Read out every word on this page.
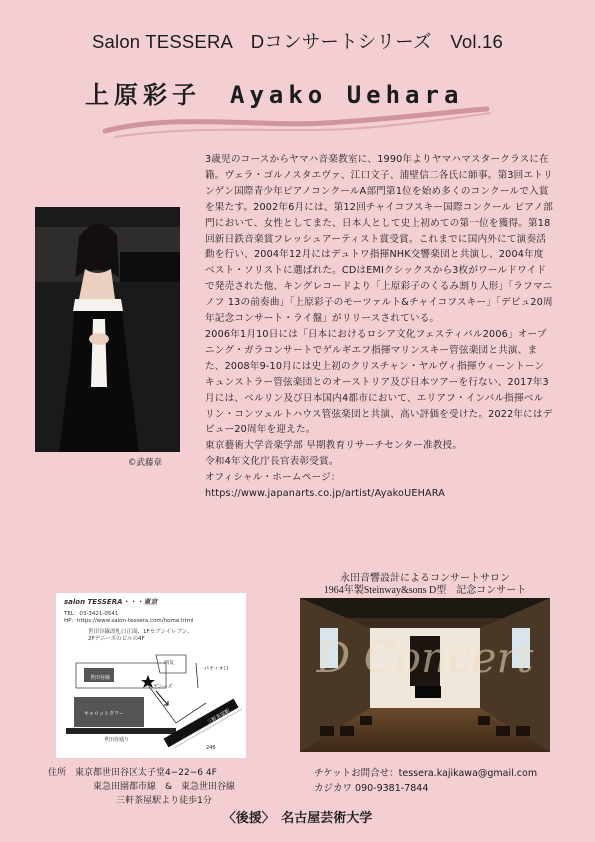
Salon TESSERA　Dコンサートシリーズ　Vol.16
上原彩子　Ayako Uehara
©武藤章

3歳児のコースからヤマハ音楽教室に、1990年よりヤマハマスタークラスに在籍。ヴェラ・ゴルノスタエヴァ、江口文子、浦壁信二各氏に師事。第3回エトリンゲン国際青少年ピアノコンクールA部門第1位を始め多くのコンクールで入賞を果たす。2002年6月には、第12回チャイコフスキー国際コンクール ピアノ部門において、女性としてまた、日本人として史上初めての第一位を獲得。第18回新日鉄音楽賞フレッシュアーティスト賞受賞。これまでに国内外にて演奏活動を行い、2004年12月にはデュトワ指揮NHK交響楽団と共演し、2004年度ベスト・ソリストに選ばれた。CDはEMIクシックスから3枚がワールドワイドで発売された他、キングレコードより「上原彩子のくるみ割り人形」「ラフマニノフ 13の前奏曲」「上原彩子のモーツァルト&チャイコフスキー」「デビュ20周年記念コンサート・ライ盤」がリリースされている。

2006年1月10日には「日本におけるロシア文化フェスティバル2006」オープニング・ガラコンサートでゲルギエフ指揮マリンスキー管弦楽団と共演、また、2008年9-10月には史上初のクリスチャン・ヤルヴィ指揮ウィーントーンキュンストラー管弦楽団とのオーストリア及び日本ツアーを行ない、2017年3月には、ベルリン及び日本国内4都市において、エリアフ・インバル指揮ベルリン・コンツェルトハウス管弦楽団と共演、高い評価を受けた。2022年にはデビュー20周年を迎えた。

東京藝術大学音楽学部 早期教育リサーチセンター准教授。

令和4年文化庁長官表彰受賞。

オフィシャル・ホームページ：

https://www.japanarts.co.jp/artist/AyakoUEHARA

salon TESSERA・・・東京
TEL：03-3421-0541
HP：https://www.salon-tessera.com/home.html
世田谷線改札口正面、1Fセブンイレブン、
2Fデニーズのビルの4F
世田谷線
西友
デニーズ
パティオ口
キャロットタワー	三軒茶屋駅
世田谷通り
246
住所　東京都世田谷区太子堂4−22−6 4F
東急田園都市線　&　東急世田谷線
三軒茶屋駅より徒歩1分
永田音響設計によるコンサートサロン
1964年製Steinway&sons D型　記念コンサート
D Concert
チケットお問合せ：tessera.kajikawa@gmail.com
カジカワ 090-9381-7844
〈後援〉　名古屋芸術大学
